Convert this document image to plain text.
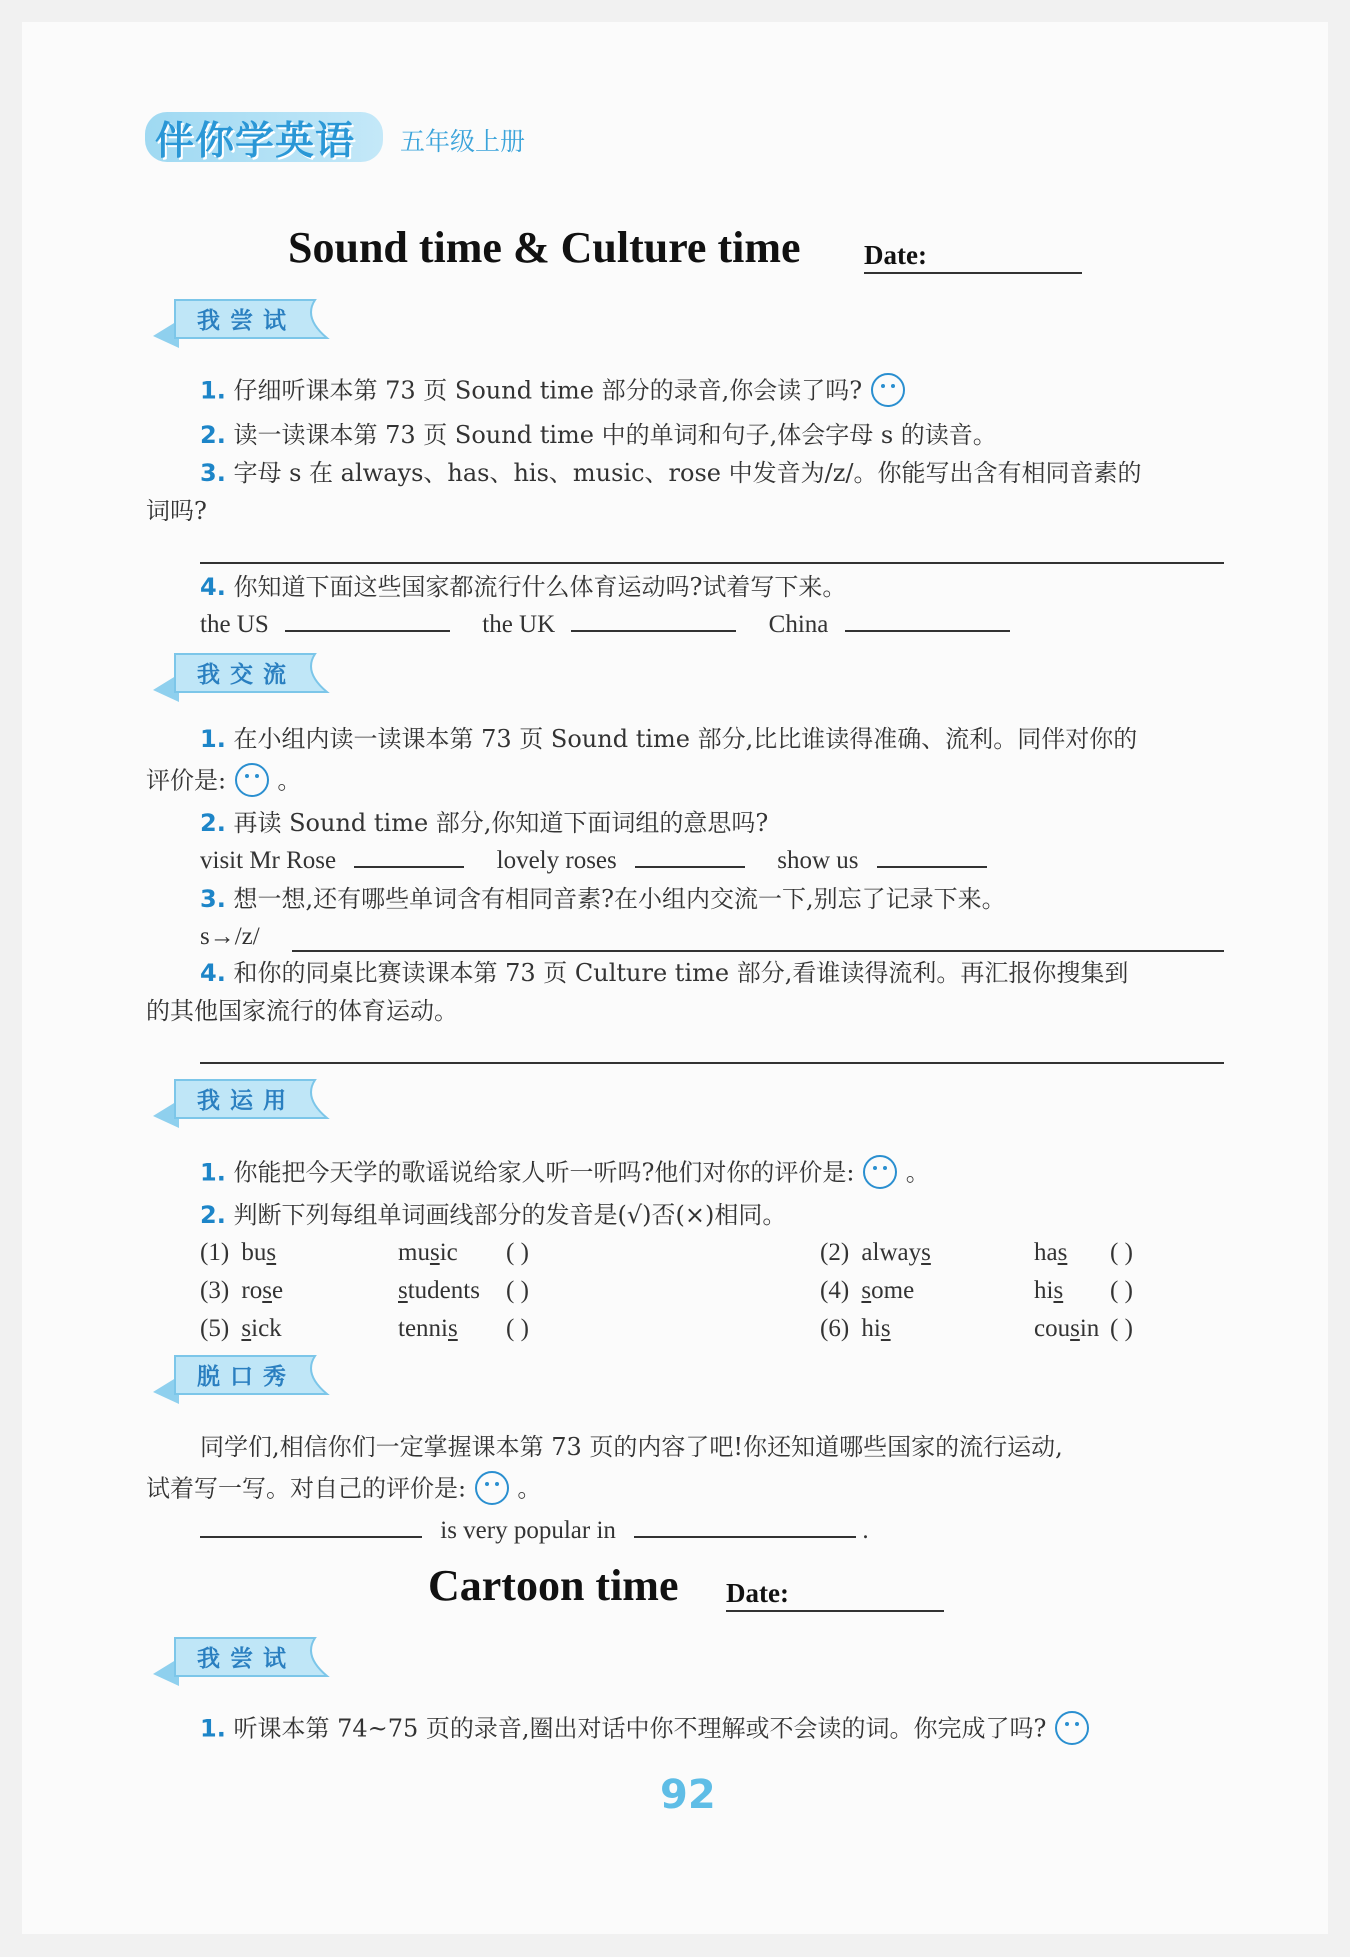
伴你学英语 五年级上册
Sound time & Culture time Date:
我尝试
1. 仔细听课本第 73 页 Sound time 部分的录音,你会读了吗?
2. 读一读课本第 73 页 Sound time 中的单词和句子,体会字母 s 的读音。
3. 字母 s 在 always、has、his、music、rose 中发音为/z/。你能写出含有相同音素的
词吗?
4. 你知道下面这些国家都流行什么体育运动吗?试着写下来。
the US	the UK	China
我交流
1. 在小组内读一读课本第 73 页 Sound time 部分,比比谁读得准确、流利。同伴对你的
评价是: 。
2. 再读 Sound time 部分,你知道下面词组的意思吗?
visit Mr Rose	lovely roses	show us
3. 想一想,还有哪些单词含有相同音素?在小组内交流一下,别忘了记录下来。
s→/z/
4. 和你的同桌比赛读课本第 73 页 Culture time 部分,看谁读得流利。再汇报你搜集到
的其他国家流行的体育运动。
我运用
1. 你能把今天学的歌谣说给家人听一听吗?他们对你的评价是: 。
2. 判断下列每组单词画线部分的发音是(√)否(×)相同。
(1) bus	music ( )	(2) always	has ( )
(3) rose	students ( )	(4) some	his ( )
(5) sick	tennis ( )	(6) his	cousin ( )
脱口秀
同学们,相信你们一定掌握课本第 73 页的内容了吧!你还知道哪些国家的流行运动,
试着写一写。对自己的评价是: 。
is very popular in	.
Cartoon time Date:
我尝试
1. 听课本第 74~75 页的录音,圈出对话中你不理解或不会读的词。你完成了吗?
92
